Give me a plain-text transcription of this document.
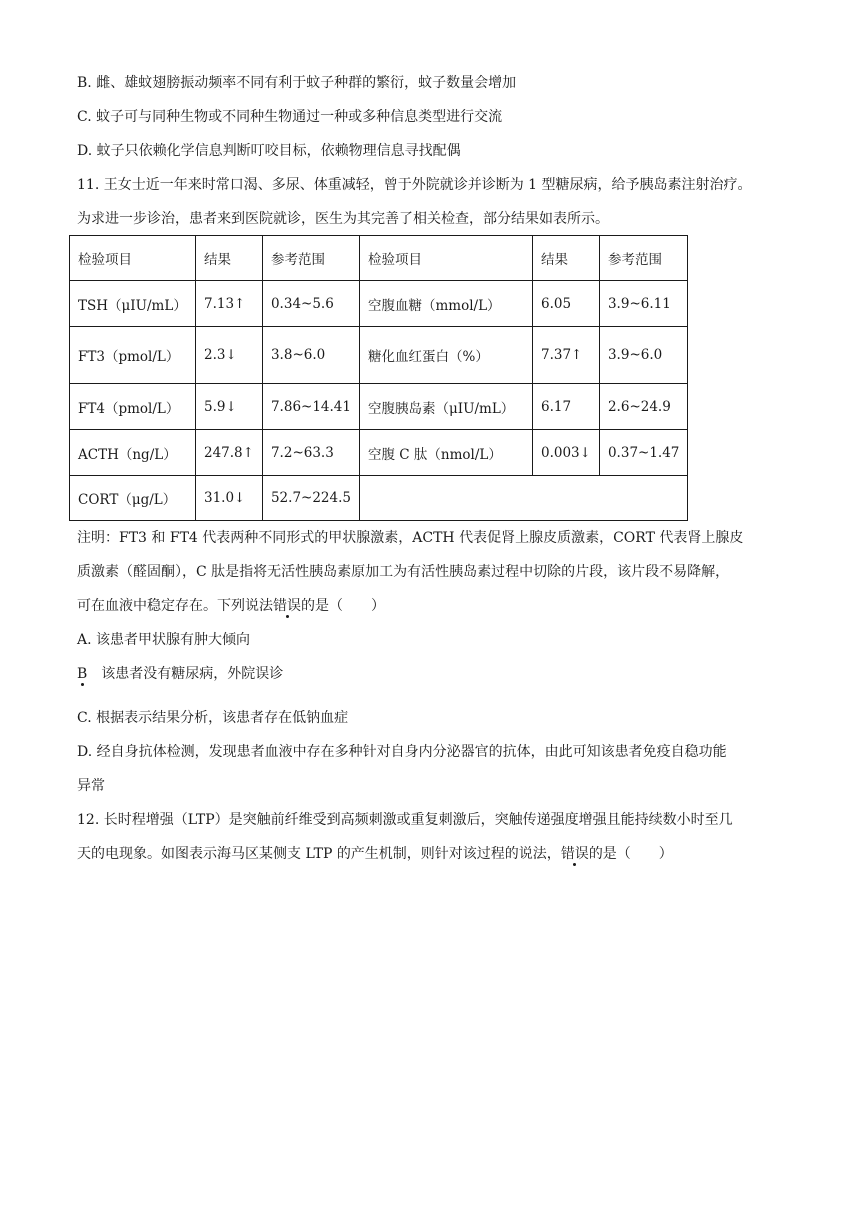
B. 雌、雄蚊翅膀振动频率不同有利于蚊子种群的繁衍，蚊子数量会增加
C. 蚊子可与同种生物或不同种生物通过一种或多种信息类型进行交流
D. 蚊子只依赖化学信息判断叮咬目标，依赖物理信息寻找配偶
11. 王女士近一年来时常口渴、多尿、体重减轻，曾于外院就诊并诊断为 1 型糖尿病，给予胰岛素注射治疗。
为求进一步诊治，患者来到医院就诊，医生为其完善了相关检查，部分结果如表所示。
检验项目	结果	参考范围	检验项目	结果	参考范围
TSH（μIU/mL）	7.13↑	0.34~5.6	空腹血糖（mmol/L）	6.05	3.9~6.11
FT3（pmol/L）	2.3↓	3.8~6.0	糖化血红蛋白（%）	7.37↑	3.9~6.0
FT4（pmol/L）	5.9↓	7.86~14.41	空腹胰岛素（μIU/mL）	6.17	2.6~24.9
ACTH（ng/L）	247.8↑	7.2~63.3	空腹 C 肽（nmol/L）	0.003↓	0.37~1.47
CORT（μg/L）	31.0↓	52.7~224.5			
注明：FT3 和 FT4 代表两种不同形式的甲状腺激素，ACTH 代表促肾上腺皮质激素，CORT 代表肾上腺皮
质激素（醛固酮），C 肽是指将无活性胰岛素原加工为有活性胰岛素过程中切除的片段，该片段不易降解，
可在血液中稳定存在。下列说法错误的是（　　）
A. 该患者甲状腺有肿大倾向
B 该患者没有糖尿病，外院误诊
C. 根据表示结果分析，该患者存在低钠血症
D. 经自身抗体检测，发现患者血液中存在多种针对自身内分泌器官的抗体，由此可知该患者免疫自稳功能
异常
12. 长时程增强（LTP）是突触前纤维受到高频刺激或重复刺激后，突触传递强度增强且能持续数小时至几
天的电现象。如图表示海马区某侧支 LTP 的产生机制，则针对该过程的说法，错误的是（　　）
